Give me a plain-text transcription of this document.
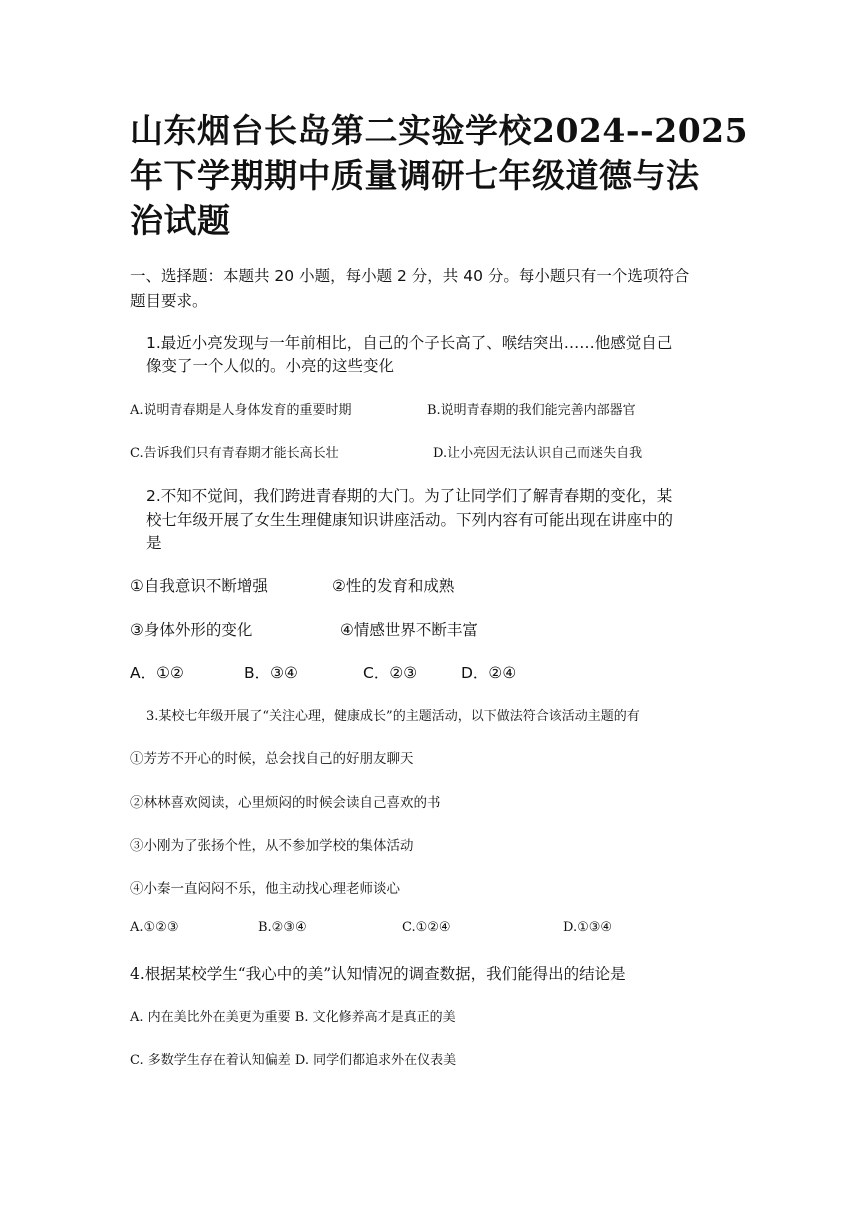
山东烟台长岛第二实验学校2024--2025
年下学期期中质量调研七年级道德与法
治试题
一、选择题：本题共 20 小题，每小题 2 分，共 40 分。每小题只有一个选项符合
题目要求。
1.最近小亮发现与一年前相比，自己的个子长高了、喉结突出……他感觉自己
像变了一个人似的。小亮的这些变化
A.说明青春期是人身体发育的重要时期	B.说明青春期的我们能完善内部器官
C.告诉我们只有青春期才能长高长壮	D.让小亮因无法认识自己而迷失自我
2.不知不觉间，我们跨进青春期的大门。为了让同学们了解青春期的变化，某
校七年级开展了女生生理健康知识讲座活动。下列内容有可能出现在讲座中的
是
①自我意识不断增强	②性的发育和成熟
③身体外形的变化	④情感世界不断丰富
A．①②	B．③④	C．②③	D．②④
3.某校七年级开展了“关注心理，健康成长”的主题活动，以下做法符合该活动主题的有
①芳芳不开心的时候，总会找自己的好朋友聊天
②林林喜欢阅读，心里烦闷的时候会读自己喜欢的书
③小刚为了张扬个性，从不参加学校的集体活动
④小秦一直闷闷不乐，他主动找心理老师谈心
A.①②③	B.②③④	C.①②④	D.①③④
4.根据某校学生“我心中的美”认知情况的调查数据，我们能得出的结论是
A. 内在美比外在美更为重要 B. 文化修养高才是真正的美
C. 多数学生存在着认知偏差 D. 同学们都追求外在仪表美
